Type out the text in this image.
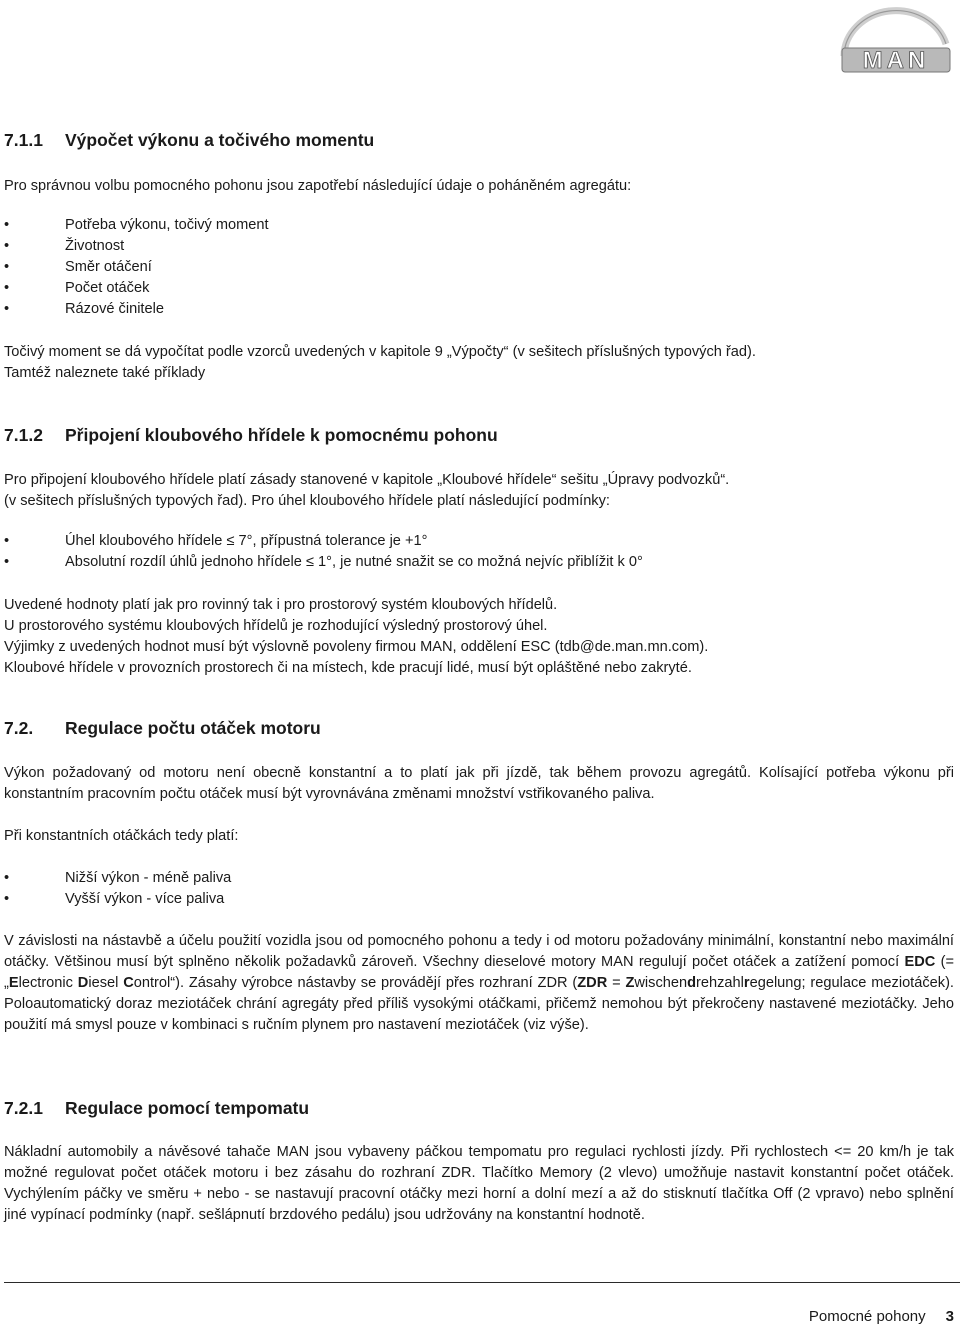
MAN
7.1.1 Výpočet výkonu a točivého momentu
Pro správnou volbu pomocného pohonu jsou zapotřebí následující údaje o poháněném agregátu:
• Potřeba výkonu, točivý moment
• Životnost
• Směr otáčení
• Počet otáček
• Rázové činitele
Točivý moment se dá vypočítat podle vzorců uvedených v kapitole 9 „Výpočty“ (v sešitech příslušných typových řad).
Tamtéž naleznete také příklady
7.1.2 Připojení kloubového hřídele k pomocnému pohonu
Pro připojení kloubového hřídele platí zásady stanovené v kapitole „Kloubové hřídele“ sešitu „Úpravy podvozků“.
(v sešitech příslušných typových řad). Pro úhel kloubového hřídele platí následující podmínky:
• Úhel kloubového hřídele ≤ 7°, přípustná tolerance je +1°
• Absolutní rozdíl úhlů jednoho hřídele ≤ 1°, je nutné snažit se co možná nejvíc přiblížit k 0°
Uvedené hodnoty platí jak pro rovinný tak i pro prostorový systém kloubových hřídelů.
U prostorového systému kloubových hřídelů je rozhodující výsledný prostorový úhel.
Výjimky z uvedených hodnot musí být výslovně povoleny firmou MAN, oddělení ESC (tdb@de.man.mn.com).
Kloubové hřídele v provozních prostorech či na místech, kde pracují lidé, musí být opláštěné nebo zakryté.
7.2. Regulace počtu otáček motoru
Výkon požadovaný od motoru není obecně konstantní a to platí jak při jízdě, tak během provozu agregátů. Kolísající potřeba výkonu při konstantním pracovním počtu otáček musí být vyrovnávána změnami množství vstřikovaného paliva.
Při konstantních otáčkách tedy platí:
• Nižší výkon - méně paliva
• Vyšší výkon - více paliva
V závislosti na nástavbě a účelu použití vozidla jsou od pomocného pohonu a tedy i od motoru požadovány minimální, konstantní nebo maximální otáčky. Většinou musí být splněno několik požadavků zároveň. Všechny dieselové motory MAN regulují počet otáček a zatížení pomocí EDC (= „Electronic Diesel Control“). Zásahy výrobce nástavby se provádějí přes rozhraní ZDR (ZDR = Zwischendrehzahlregelung; regulace meziotáček). Poloautomatický doraz meziotáček chrání agregáty před příliš vysokými otáčkami, přičemž nemohou být překročeny nastavené meziotáčky. Jeho použití má smysl pouze v kombinaci s ručním plynem pro nastavení meziotáček (viz výše).
7.2.1 Regulace pomocí tempomatu
Nákladní automobily a návěsové tahače MAN jsou vybaveny páčkou tempomatu pro regulaci rychlosti jízdy. Při rychlostech <= 20 km/h je tak možné regulovat počet otáček motoru i bez zásahu do rozhraní ZDR. Tlačítko Memory (2 vlevo) umožňuje nastavit konstantní počet otáček. Vychýlením páčky ve směru + nebo - se nastavují pracovní otáčky mezi horní a dolní mezí a až do stisknutí tlačítka Off (2 vpravo) nebo splnění jiné vypínací podmínky (např. sešlápnutí brzdového pedálu) jsou udržovány na konstantní hodnotě.
Pomocné pohony 3
